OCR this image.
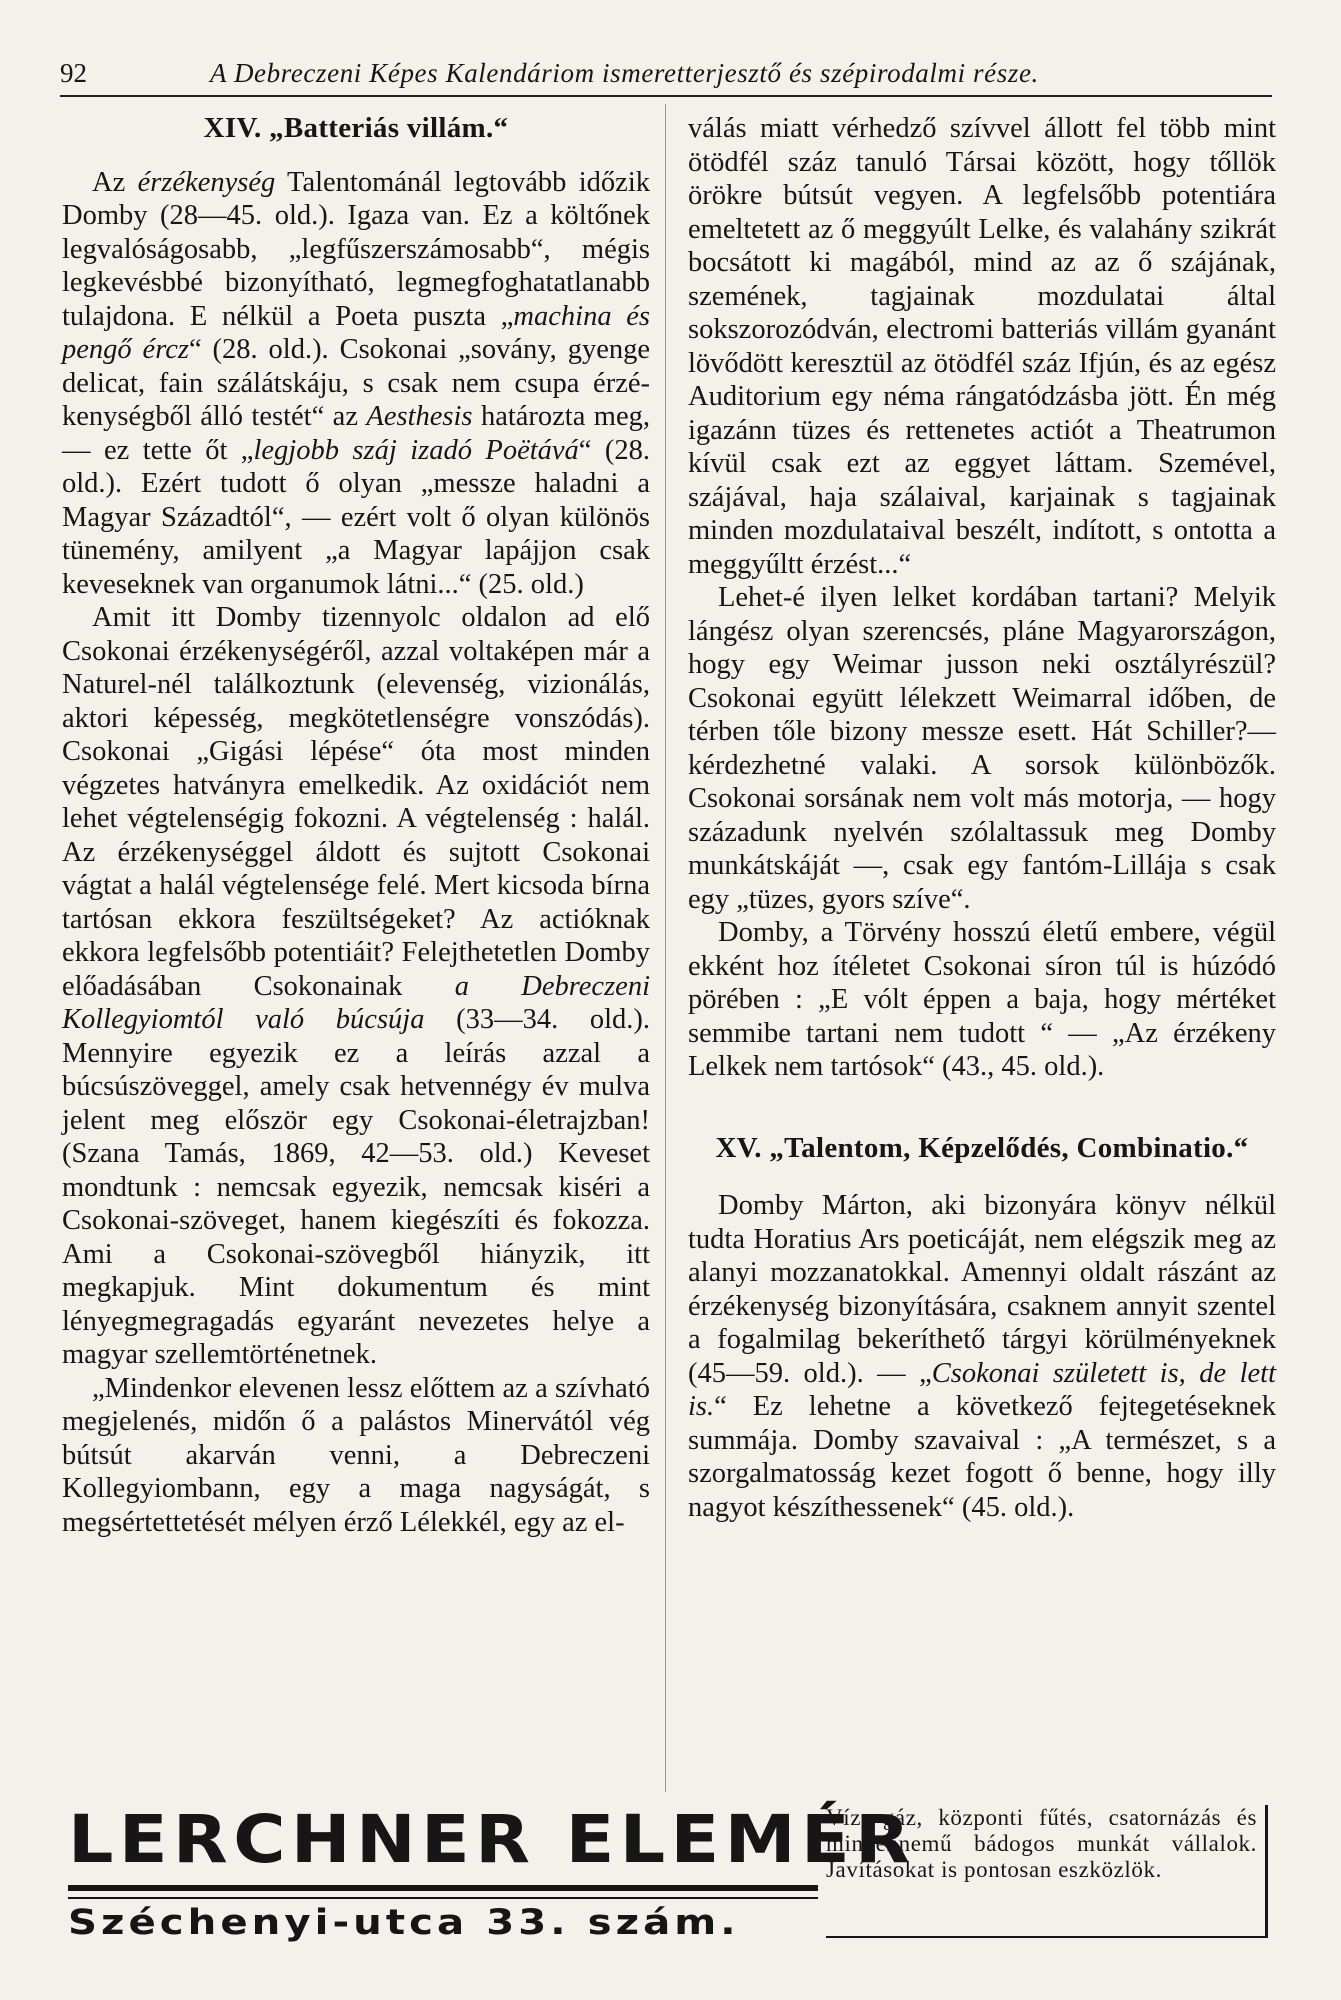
92	A Debreczeni Képes Kalendáriom ismeretterjesztő és szépirodalmi része.
XIV. „Batteriás villám.“

Az érzékenység Talentománál legtovább időzik Domby (28—45. old.). Igaza van. Ez a költőnek legvalóságosabb, „legfűszerszámosabb“, mégis legkevésbbé bizonyítható, legmegfoghatatlanabb tulajdona. E nélkül a Poeta puszta „machina és pengő ércz“ (28. old.). Csokonai „sovány, gyenge delicat, fain szálátskáju, s csak nem csupa érzékenységből álló testét“ az Aesthesis határozta meg, — ez tette őt „legjobb száj izadó Poëtává“ (28. old.). Ezért tudott ő olyan „messze haladni a Magyar Századtól“, — ezért volt ő olyan különös tünemény, amilyent „a Magyar lapájjon csak keveseknek van organumok látni...“ (25. old.)

Amit itt Domby tizennyolc oldalon ad elő Csokonai érzékenységéről, azzal voltaképen már a Naturel-nél találkoztunk (elevenség, vizionálás, aktori képesség, megkötetlenségre vonszódás). Csokonai „Gigási lépése“ óta most minden végzetes hatványra emelkedik. Az oxidációt nem lehet végtelenségig fokozni. A végtelenség : halál. Az érzékenységgel áldott és sujtott Csokonai vágtat a halál végtelensége felé. Mert kicsoda bírna tartósan ekkora feszültségeket? Az actióknak ekkora legfelsőbb potentiáit? Felejthetetlen Domby előadásában Csokonainak a Debreczeni Kollegyiomtól való búcsúja (33—34. old.). Mennyire egyezik ez a leírás azzal a búcsúszöveggel, amely csak hetvennégy év mulva jelent meg először egy Csokonai-életrajzban! (Szana Tamás, 1869, 42—53. old.) Keveset mondtunk : nemcsak egyezik, nemcsak kiséri a Csokonai-szöveget, hanem kiegészíti és fokozza. Ami a Csokonai-szövegből hiányzik, itt megkapjuk. Mint dokumentum és mint lényegmegragadás egyaránt nevezetes helye a magyar szellemtörténetnek.

„Mindenkor elevenen lessz előttem az a szívható megjelenés, midőn ő a palástos Minervától vég bútsút akarván venni, a Debreczeni Kollegyiombann, egy a maga nagyságát, s megsértettetését mélyen érző Lélekkél, egy az el-

válás miatt vérhedző szívvel állott fel több mint ötödfél száz tanuló Társai között, hogy tőllök örökre bútsút vegyen. A legfelsőbb potentiára emeltetett az ő meggyúlt Lelke, és valahány szikrát bocsátott ki magából, mind az az ő szájának, szemének, tagjainak mozdulatai által sokszorozódván, electromi batteriás villám gyanánt lövődött keresztül az ötödfél száz Ifjún, és az egész Auditorium egy néma rángatódzásba jött. Én még igazánn tüzes és rettenetes actiót a Theatrumon kívül csak ezt az eggyet láttam. Szemével, szájával, haja szálaival, karjainak s tagjainak minden mozdulataival beszélt, indított, s ontotta a meggyűltt érzést...“

Lehet-é ilyen lelket kordában tartani? Melyik lángész olyan szerencsés, pláne Magyarországon, hogy egy Weimar jusson neki osztályrészül? Csokonai együtt lélekzett Weimarral időben, de térben tőle bizony messze esett. Hát Schiller?— kérdezhetné valaki. A sorsok különbözők. Csokonai sorsának nem volt más motorja, — hogy századunk nyelvén szólaltassuk meg Domby munkátskáját —, csak egy fantóm-Lillája s csak egy „tüzes, gyors szíve“.

Domby, a Törvény hosszú életű embere, végül ekként hoz ítéletet Csokonai síron túl is húzódó pörében : „E vólt éppen a baja, hogy mértéket semmibe tartani nem tudott “ — „Az érzékeny Lelkek nem tartósok“ (43., 45. old.).

XV. „Talentom, Képzelődés, Combinatio.“

Domby Márton, aki bizonyára könyv nélkül tudta Horatius Ars poeticáját, nem elégszik meg az alanyi mozzanatokkal. Amennyi oldalt rászánt az érzékenység bizonyítására, csaknem annyit szentel a fogalmilag bekeríthető tárgyi körülményeknek (45—59. old.). — „Csokonai született is, de lett is.“ Ez lehetne a következő fejtegetéseknek summája. Domby szavaival : „A természet, s a szorgalmatosság kezet fogott ő benne, hogy illy nagyot készíthessenek“ (45. old.).

LERCHNER ELEMÉR
Széchenyi-utca 33. szám.
Víz, gáz, központi fűtés, csatornázás és mindennemű bádogos munkát vállalok. Javításokat is pontosan eszközlök.
